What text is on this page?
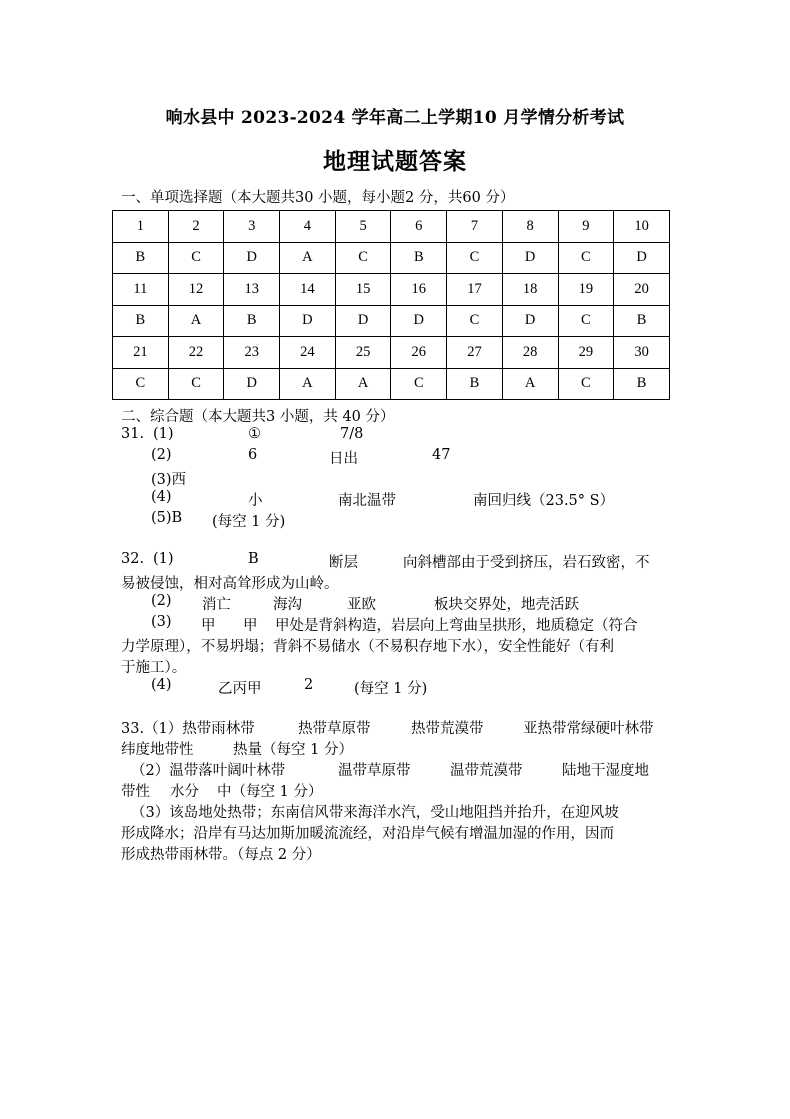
响水县中 2023-2024 学年高二上学期10 月学情分析考试
地理试题答案
一、单项选择题（本大题共30 小题，每小题2 分，共60 分）
1	2	3	4	5	6	7	8	9	10
B	C	D	A	C	B	C	D	C	D
11	12	13	14	15	16	17	18	19	20
B	A	B	D	D	D	C	D	C	B
21	22	23	24	25	26	27	28	29	30
C	C	D	A	A	C	B	A	C	B
二、综合题（本大题共3 小题，共 40 分）
31. (1)	①	7/8
(2)	6	日出	47
(3)西
(4)	小	南北温带	南回归线（23.5° S）
(5)B (每空 1 分)
32. (1)	B	断层	向斜槽部由于受到挤压，岩石致密，不
易被侵蚀，相对高耸形成为山岭。
(2) 消亡	海沟	亚欧	板块交界处，地壳活跃
(3) 甲 甲 甲处是背斜构造，岩层向上弯曲呈拱形，地质稳定（符合
力学原理），不易坍塌；背斜不易储水（不易积存地下水），安全性能好（有利
于施工）。
(4)	乙丙甲	2	(每空 1 分)
33.（1）热带雨林带	热带草原带	热带荒漠带	亚热带常绿硬叶林带
纬度地带性	热量（每空 1 分）
（2）温带落叶阔叶林带	温带草原带	温带荒漠带	陆地干湿度地
带性 水分 中（每空 1 分）
（3）该岛地处热带；东南信风带来海洋水汽，受山地阻挡并抬升，在迎风坡
形成降水；沿岸有马达加斯加暖流流经，对沿岸气候有增温加湿的作用，因而
形成热带雨林带。（每点 2 分）
